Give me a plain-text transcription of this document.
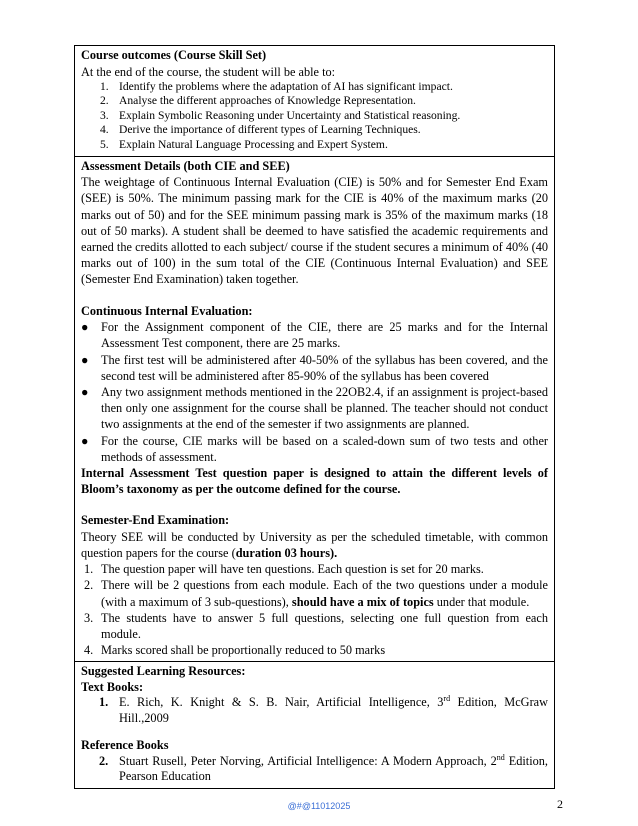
Course outcomes (Course Skill Set)
At the end of the course, the student will be able to:
1. Identify the problems where the adaptation of AI has significant impact.
2. Analyse the different approaches of Knowledge Representation.
3. Explain Symbolic Reasoning under Uncertainty and Statistical reasoning.
4. Derive the importance of different types of Learning Techniques.
5. Explain Natural Language Processing and Expert System.
Assessment Details (both CIE and SEE)
The weightage of Continuous Internal Evaluation (CIE) is 50% and for Semester End Exam (SEE) is 50%. The minimum passing mark for the CIE is 40% of the maximum marks (20 marks out of 50) and for the SEE minimum passing mark is 35% of the maximum marks (18 out of 50 marks). A student shall be deemed to have satisfied the academic requirements and earned the credits allotted to each subject/ course if the student secures a minimum of 40% (40 marks out of 100) in the sum total of the CIE (Continuous Internal Evaluation) and SEE (Semester End Examination) taken together.
Continuous Internal Evaluation:
● For the Assignment component of the CIE, there are 25 marks and for the Internal Assessment Test component, there are 25 marks.
● The first test will be administered after 40-50% of the syllabus has been covered, and the second test will be administered after 85-90% of the syllabus has been covered
● Any two assignment methods mentioned in the 22OB2.4, if an assignment is project-based then only one assignment for the course shall be planned. The teacher should not conduct two assignments at the end of the semester if two assignments are planned.
● For the course, CIE marks will be based on a scaled-down sum of two tests and other methods of assessment.
Internal Assessment Test question paper is designed to attain the different levels of Bloom’s taxonomy as per the outcome defined for the course.
Semester-End Examination:
Theory SEE will be conducted by University as per the scheduled timetable, with common question papers for the course (duration 03 hours).
1. The question paper will have ten questions. Each question is set for 20 marks.
2. There will be 2 questions from each module. Each of the two questions under a module (with a maximum of 3 sub-questions), should have a mix of topics under that module.
3. The students have to answer 5 full questions, selecting one full question from each module.
4. Marks scored shall be proportionally reduced to 50 marks
Suggested Learning Resources:
Text Books:
1. E. Rich, K. Knight & S. B. Nair, Artificial Intelligence, 3rd Edition, McGraw Hill.,2009
Reference Books
2. Stuart Rusell, Peter Norving, Artificial Intelligence: A Modern Approach, 2nd Edition, Pearson Education
@#@11012025	2
